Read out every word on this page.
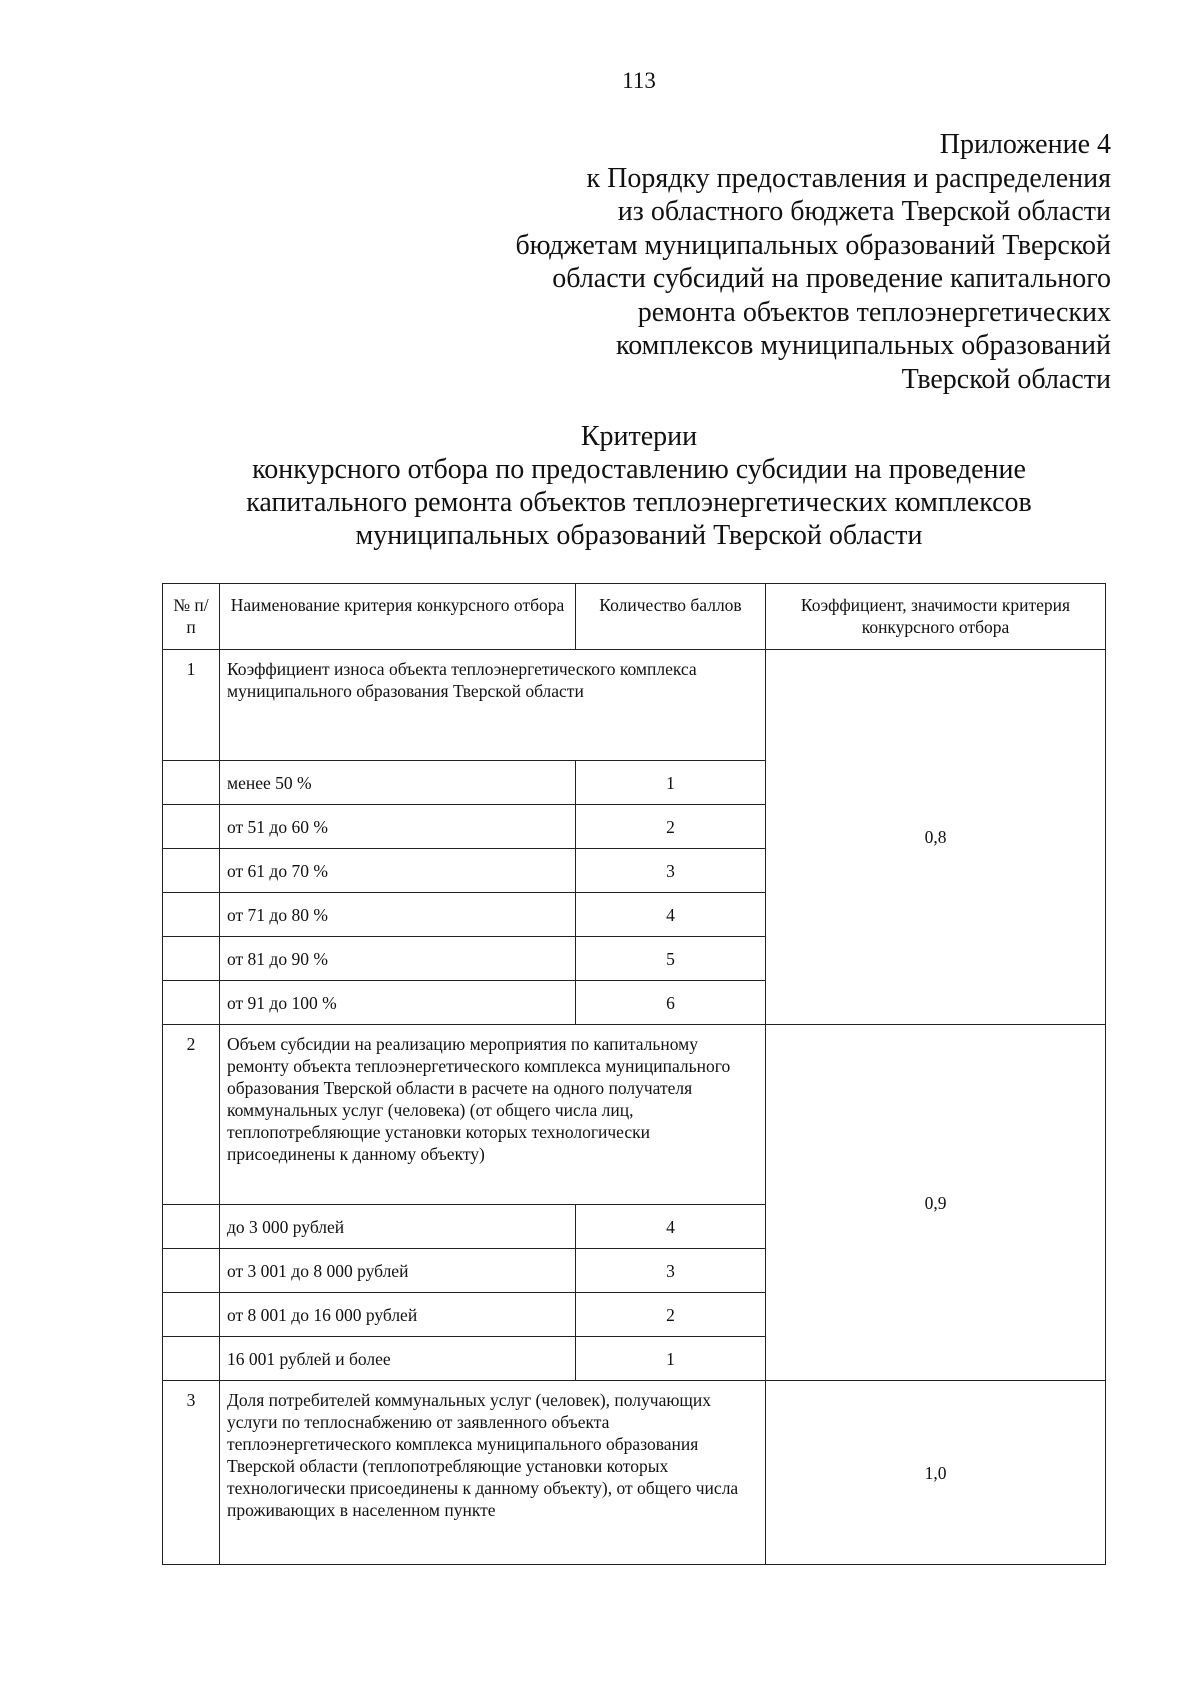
113
Приложение 4
к Порядку предоставления и распределения
из областного бюджета Тверской области
бюджетам муниципальных образований Тверской
области субсидий на проведение капитального
ремонта объектов теплоэнергетических
комплексов муниципальных образований
Тверской области
Критерии
конкурсного отбора по предоставлению субсидии на проведение
капитального ремонта объектов теплоэнергетических комплексов
муниципальных образований Тверской области
№ п/п	Наименование критерия конкурсного отбора	Количество баллов	Коэффициент, значимости критерия конкурсного отбора
1	Коэффициент износа объекта теплоэнергетического комплекса муниципального образования Тверской области		0,8
	менее 50 %	1	
	от 51 до 60 %	2	
	от 61 до 70 %	3	
	от 71 до 80 %	4	
	от 81 до 90 %	5	
	от 91 до 100 %	6	
2	Объем субсидии на реализацию мероприятия по капитальному ремонту объекта теплоэнергетического комплекса муниципального образования Тверской области в расчете на одного получателя коммунальных услуг (человека) (от общего числа лиц, теплопотребляющие установки которых технологически присоединены к данному объекту)		0,9
	до 3 000 рублей	4	
	от 3 001 до 8 000 рублей	3	
	от 8 001 до 16 000 рублей	2	
	16 001 рублей и более	1	
3	Доля потребителей коммунальных услуг (человек), получающих услуги по теплоснабжению от заявленного объекта теплоэнергетического комплекса муниципального образования Тверской области (теплопотребляющие установки которых технологически присоединены к данному объекту), от общего числа проживающих в населенном пункте		1,0
